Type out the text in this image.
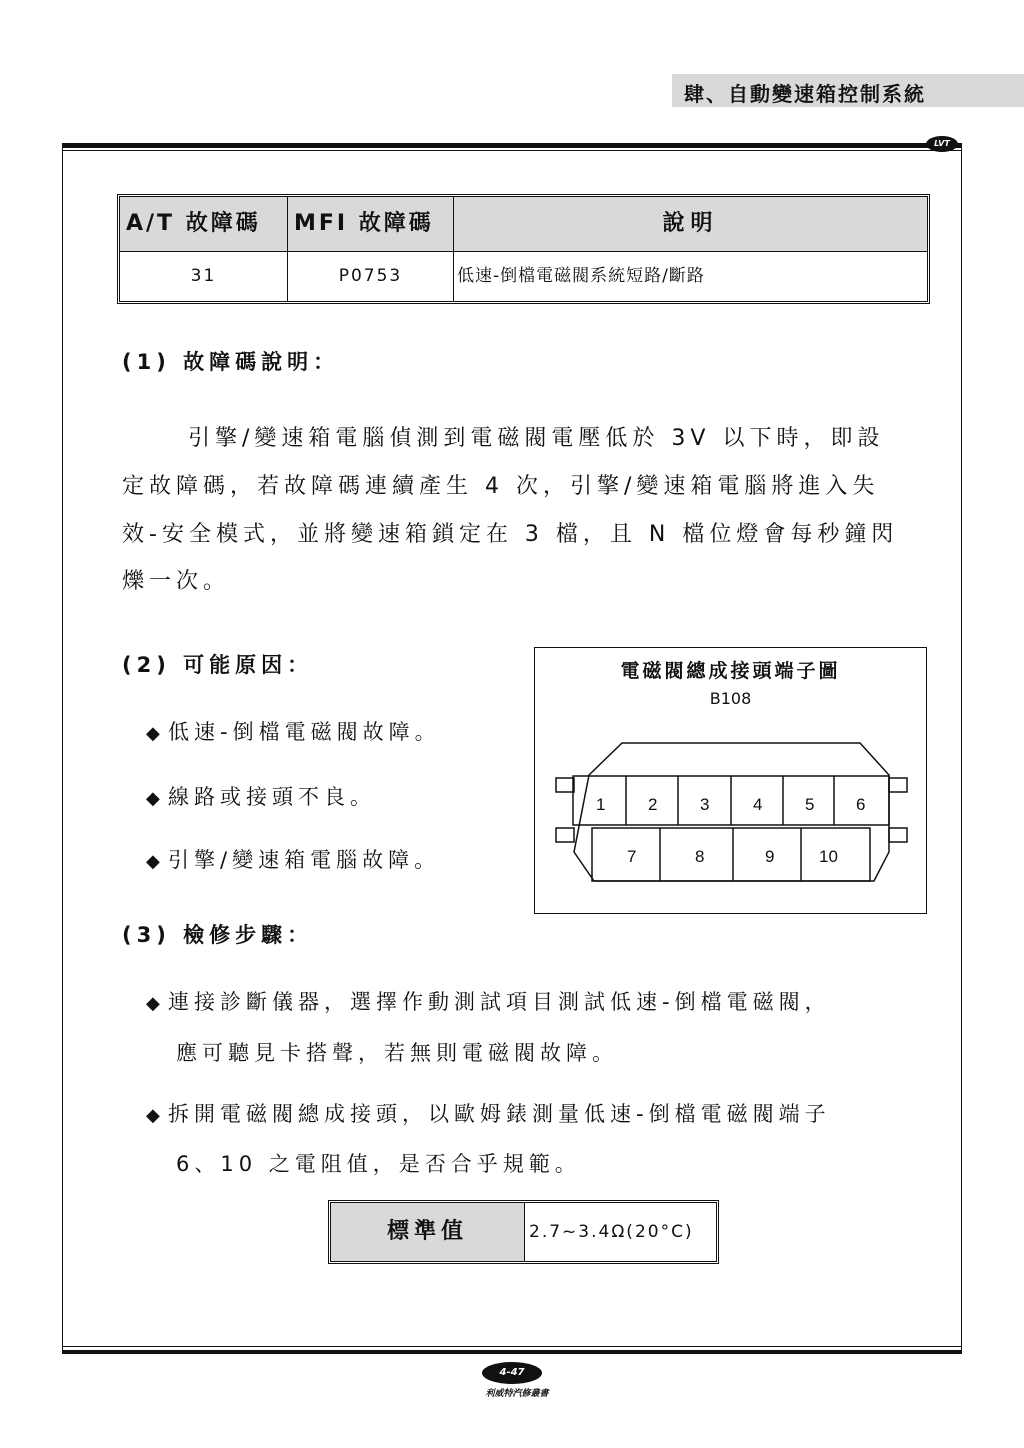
肆、自動變速箱控制系統
LVT
A/T 故障碼	MFI 故障碼	說明
31	P0753	低速-倒檔電磁閥系統短路/斷路
(1) 故障碼說明：
引擎/變速箱電腦偵測到電磁閥電壓低於 3V 以下時，即設
定故障碼，若故障碼連續產生 4 次，引擎/變速箱電腦將進入失
效-安全模式，並將變速箱鎖定在 3 檔，且 N 檔位燈會每秒鐘閃
爍一次。
(2) 可能原因：
◆ 低速-倒檔電磁閥故障。
◆ 線路或接頭不良。
◆ 引擎/變速箱電腦故障。
電磁閥總成接頭端子圖
B108
1	2	3	4	5 6
7	8	9	10
(3) 檢修步驟：
◆ 連接診斷儀器，選擇作動測試項目測試低速-倒檔電磁閥，
應可聽見卡搭聲，若無則電磁閥故障。
◆ 拆開電磁閥總成接頭，以歐姆錶測量低速-倒檔電磁閥端子
6、10 之電阻值，是否合乎規範。
標準值	2.7~3.4Ω(20°C)
4-47
利威特汽修叢書
